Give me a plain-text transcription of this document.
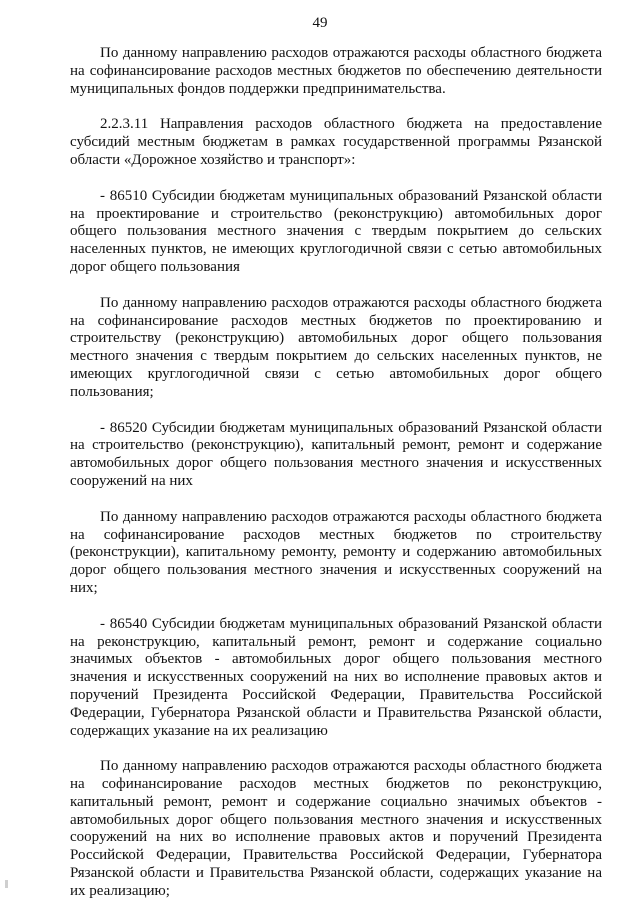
49

По данному направлению расходов отражаются расходы областного бюджета на софинансирование расходов местных бюджетов по обеспечению деятельности муниципальных фондов поддержки предпринимательства.

2.2.3.11 Направления расходов областного бюджета на предоставление субсидий местным бюджетам в рамках государственной программы Рязанской области «Дорожное хозяйство и транспорт»:

- 86510 Субсидии бюджетам муниципальных образований Рязанской области на проектирование и строительство (реконструкцию) автомобильных дорог общего пользования местного значения с твердым покрытием до сельских населенных пунктов, не имеющих круглогодичной связи с сетью автомобильных дорог общего пользования

По данному направлению расходов отражаются расходы областного бюджета на софинансирование расходов местных бюджетов по проектированию и строительству (реконструкцию) автомобильных дорог общего пользования местного значения с твердым покрытием до сельских населенных пунктов, не имеющих круглогодичной связи с сетью автомобильных дорог общего пользования;

- 86520 Субсидии бюджетам муниципальных образований Рязанской области на строительство (реконструкцию), капитальный ремонт, ремонт и содержание автомобильных дорог общего пользования местного значения и искусственных сооружений на них

По данному направлению расходов отражаются расходы областного бюджета на софинансирование расходов местных бюджетов по строительству (реконструкции), капитальному ремонту, ремонту и содержанию автомобильных дорог общего пользования местного значения и искусственных сооружений на них;

- 86540 Субсидии бюджетам муниципальных образований Рязанской области на реконструкцию, капитальный ремонт, ремонт и содержание социально значимых объектов - автомобильных дорог общего пользования местного значения и искусственных сооружений на них во исполнение правовых актов и поручений Президента Российской Федерации, Правительства Российской Федерации, Губернатора Рязанской области и Правительства Рязанской области, содержащих указание на их реализацию

По данному направлению расходов отражаются расходы областного бюджета на софинансирование расходов местных бюджетов по реконструкцию, капитальный ремонт, ремонт и содержание социально значимых объектов - автомобильных дорог общего пользования местного значения и искусственных сооружений на них во исполнение правовых актов и поручений Президента Российской Федерации, Правительства Российской Федерации, Губернатора Рязанской области и Правительства Рязанской области, содержащих указание на их реализацию;
